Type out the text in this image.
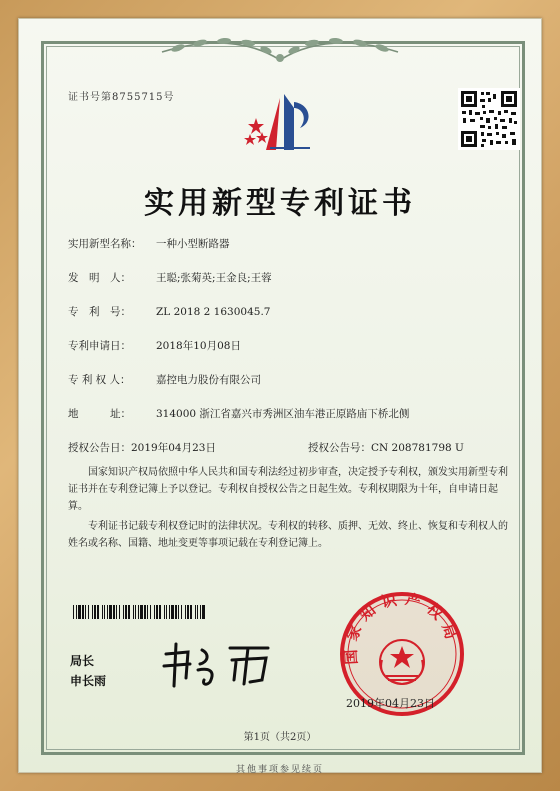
证书号第8755715号
实用新型专利证书
实用新型名称： 一种小型断路器
发　明　人： 王聪;张菊英;王金良;王蓉
专　利　号： ZL 2018 2 1630045.7
专利申请日： 2018年10月08日
专 利 权 人： 嘉控电力股份有限公司
地　　　址： 314000 浙江省嘉兴市秀洲区油车港正原路庙下桥北侧
授权公告日：2019年04月23日	授权公告号：CN 208781798 U

国家知识产权局依照中华人民共和国专利法经过初步审查，决定授予专利权，颁发实用新型专利证书并在专利登记簿上予以登记。专利权自授权公告之日起生效。专利权期限为十年，自申请日起算。

专利证书记载专利权登记时的法律状况。专利权的转移、质押、无效、终止、恢复和专利权人的姓名或名称、国籍、地址变更等事项记载在专利登记簿上。

局长
申长雨
国家知识产权局
2019年04月23日
第1页（共2页）
其他事项参见续页
